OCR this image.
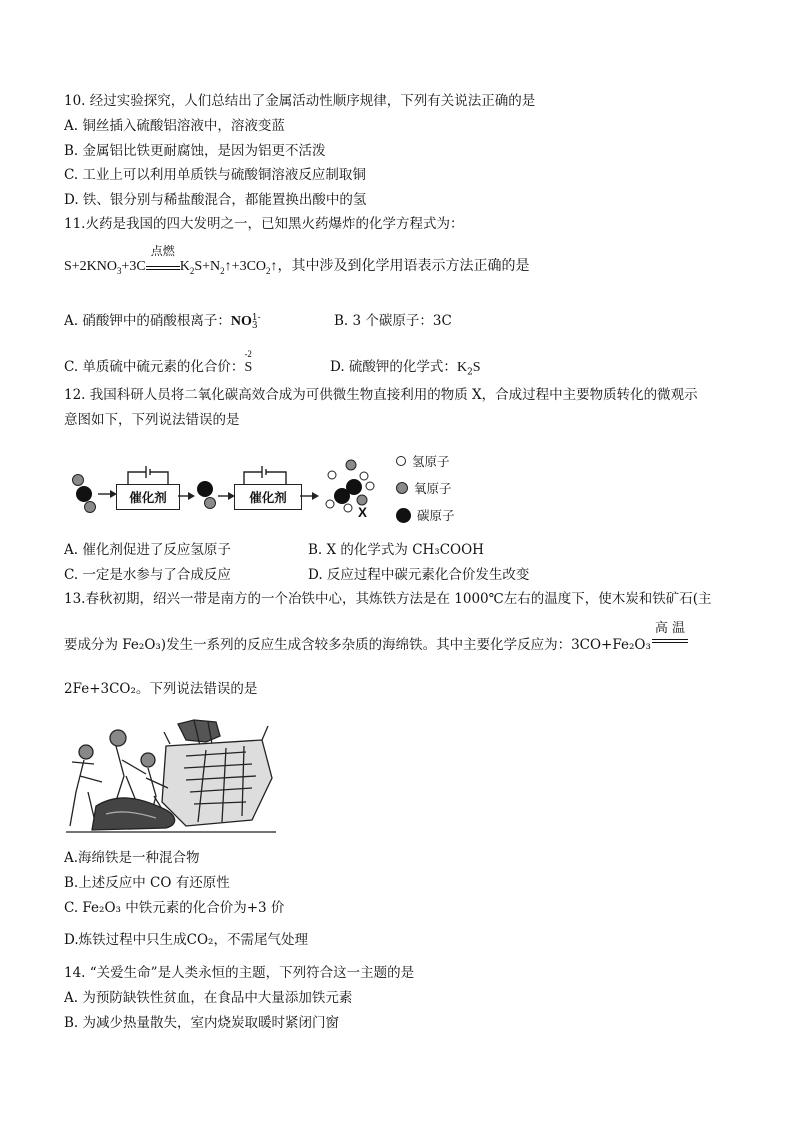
10. 经过实验探究，人们总结出了金属活动性顺序规律，下列有关说法正确的是
A. 铜丝插入硫酸铝溶液中，溶液变蓝
B. 金属铝比铁更耐腐蚀，是因为铝更不活泼
C. 工业上可以利用单质铁与硫酸铜溶液反应制取铜
D. 铁、银分别与稀盐酸混合，都能置换出酸中的氢
11.火药是我国的四大发明之一，已知黑火药爆炸的化学方程式为：
$S+2KNO_3+3C$
点燃
$K_2S+N_2↑+3CO_2↑$，其中涉及到化学用语表示方法正确的是
A. 硝酸钾中的硝酸根离子：NO 1-
3	B. 3 个碳原子：3C
C. 单质硫中硫元素的化合价：
-2
S	D. 硫酸钾的化学式：$K_2S$
12. 我国科研人员将二氧化碳高效合成为可供微生物直接利用的物质 X，合成过程中主要物质转化的微观示
意图如下，下列说法错误的是
催化剂	催化剂
X
氢原子
氧原子
碳原子
A. 催化剂促进了反应氢原子	B. X 的化学式为 CH₃COOH
C. 一定是水参与了合成反应	D. 反应过程中碳元素化合价发生改变
13.春秋初期，绍兴一带是南方的一个冶铁中心，其炼铁方法是在 1000℃左右的温度下，使木炭和铁矿石(主
要成分为 Fe₂O₃)发生一系列的反应生成含较多杂质的海绵铁。其中主要化学反应为：3CO+Fe₂O₃
高 温
2Fe+3CO₂。下列说法错误的是
A.海绵铁是一种混合物
B.上述反应中 CO 有还原性
C. Fe₂O₃ 中铁元素的化合价为+3 价
D.炼铁过程中只生成CO₂，不需尾气处理
14. “关爱生命”是人类永恒的主题，下列符合这一主题的是
A. 为预防缺铁性贫血，在食品中大量添加铁元素
B. 为减少热量散失，室内烧炭取暖时紧闭门窗
